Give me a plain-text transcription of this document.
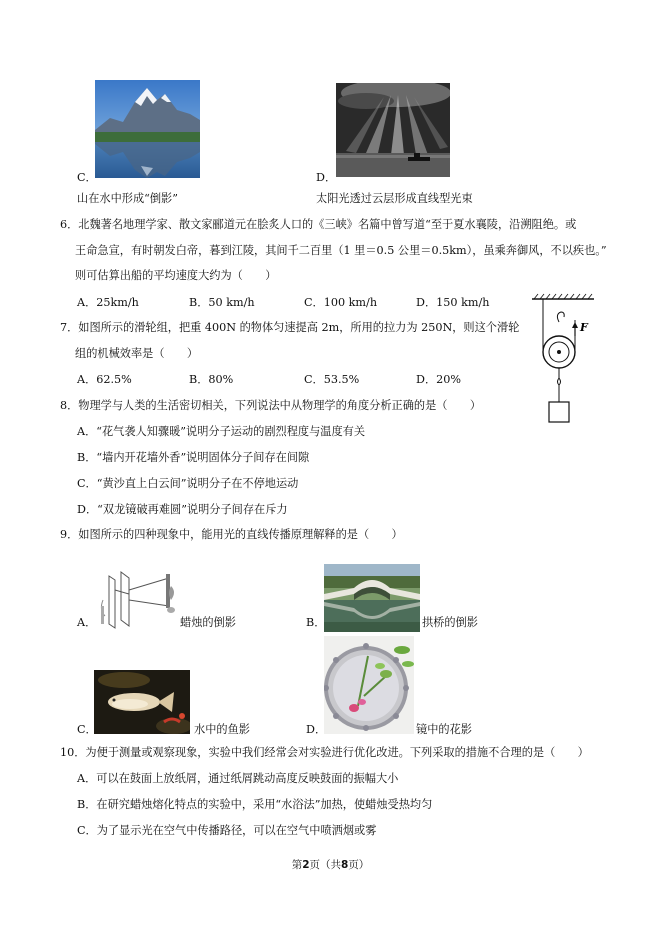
C．
山在水中形成“倒影”
D．
太阳光透过云层形成直线型光束
6．北魏著名地理学家、散文家郦道元在脍炙人口的《三峡》名篇中曾写道“至于夏水襄陵，沿溯阻绝。或
王命急宣，有时朝发白帝，暮到江陵，其间千二百里（1 里＝0.5 公里＝0.5km），虽乘奔御风，不以疾也。”
则可估算出船的平均速度大约为（　　）
A．25km/h	B．50 km/h	C．100 km/h	D．150 km/h
7．如图所示的滑轮组，把重 400N 的物体匀速提高 2m，所用的拉力为 250N，则这个滑轮
组的机械效率是（　　）
A．62.5%	B．80%	C．53.5%	D．20%
F
8．物理学与人类的生活密切相关，下列说法中从物理学的角度分析正确的是（　　）
A．“花气袭人知骤暖”说明分子运动的剧烈程度与温度有关
B．“墙内开花墙外香”说明固体分子间存在间隙
C．“黄沙直上白云间”说明分子在不停地运动
D．“双龙镜破再难圆”说明分子间存在斥力
9．如图所示的四种现象中，能用光的直线传播原理解释的是（　　）
A．	蜡烛的倒影	B．	拱桥的倒影
C．	水中的鱼影	D．	镜中的花影
10．为便于测量或观察现象，实验中我们经常会对实验进行优化改进。下列采取的措施不合理的是（　　）
A．可以在鼓面上放纸屑，通过纸屑跳动高度反映鼓面的振幅大小
B．在研究蜡烛熔化特点的实验中，采用“水浴法”加热，使蜡烛受热均匀
C．为了显示光在空气中传播路径，可以在空气中喷洒烟或雾
第2页（共8页）
